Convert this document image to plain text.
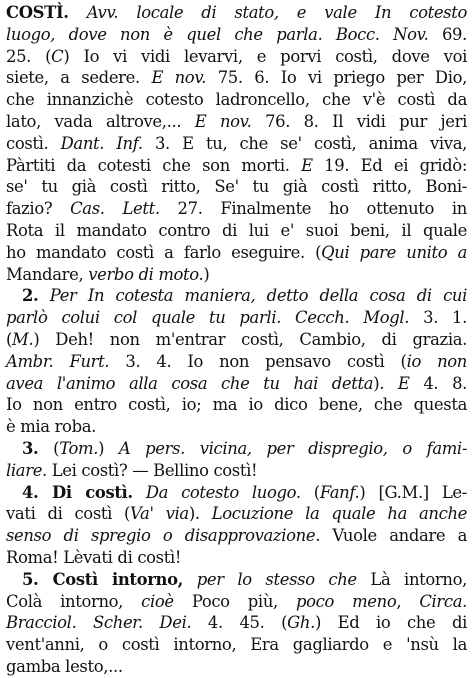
COSTÌ. Avv. locale di stato, e vale In cotesto
luogo, dove non è quel che parla. Bocc. Nov. 69.
25. (C) Io vi vidi levarvi, e porvi costì, dove voi
siete, a sedere. E nov. 75. 6. Io vi priego per Dio,
che innanzichè cotesto ladroncello, che v'è costì da
lato, vada altrove,... E nov. 76. 8. Il vidi pur jeri
costì. Dant. Inf. 3. E tu, che se' costì, anima viva,
Pàrtiti da cotesti che son morti. E 19. Ed ei gridò:
se' tu già costì ritto, Se' tu già costì ritto, Boni-
fazio? Cas. Lett. 27. Finalmente ho ottenuto in
Rota il mandato contro di lui e' suoi beni, il quale
ho mandato costì a farlo eseguire. (Qui pare unito a
Mandare, verbo di moto.)
2. Per In cotesta maniera, detto della cosa di cui
parlò colui col quale tu parli. Cecch. Mogl. 3. 1.
(M.) Deh! non m'entrar costì, Cambio, di grazia.
Ambr. Furt. 3. 4. Io non pensavo costì (io non
avea l'animo alla cosa che tu hai detta). E 4. 8.
Io non entro costì, io; ma io dico bene, che questa
è mia roba.
3. (Tom.) A pers. vicina, per dispregio, o fami-
liare. Lei costì? — Bellino costì!
4. Di costì. Da cotesto luogo. (Fanf.) [G.M.] Le-
vati di costì (Va' via). Locuzione la quale ha anche
senso di spregio o disapprovazione. Vuole andare a
Roma! Lèvati di costì!
5. Costì intorno, per lo stesso che Là intorno,
Colà intorno, cioè Poco più, poco meno, Circa.
Bracciol. Scher. Dei. 4. 45. (Gh.) Ed io che di
vent'anni, o costì intorno, Era gagliardo e 'nsù la
gamba lesto,...
